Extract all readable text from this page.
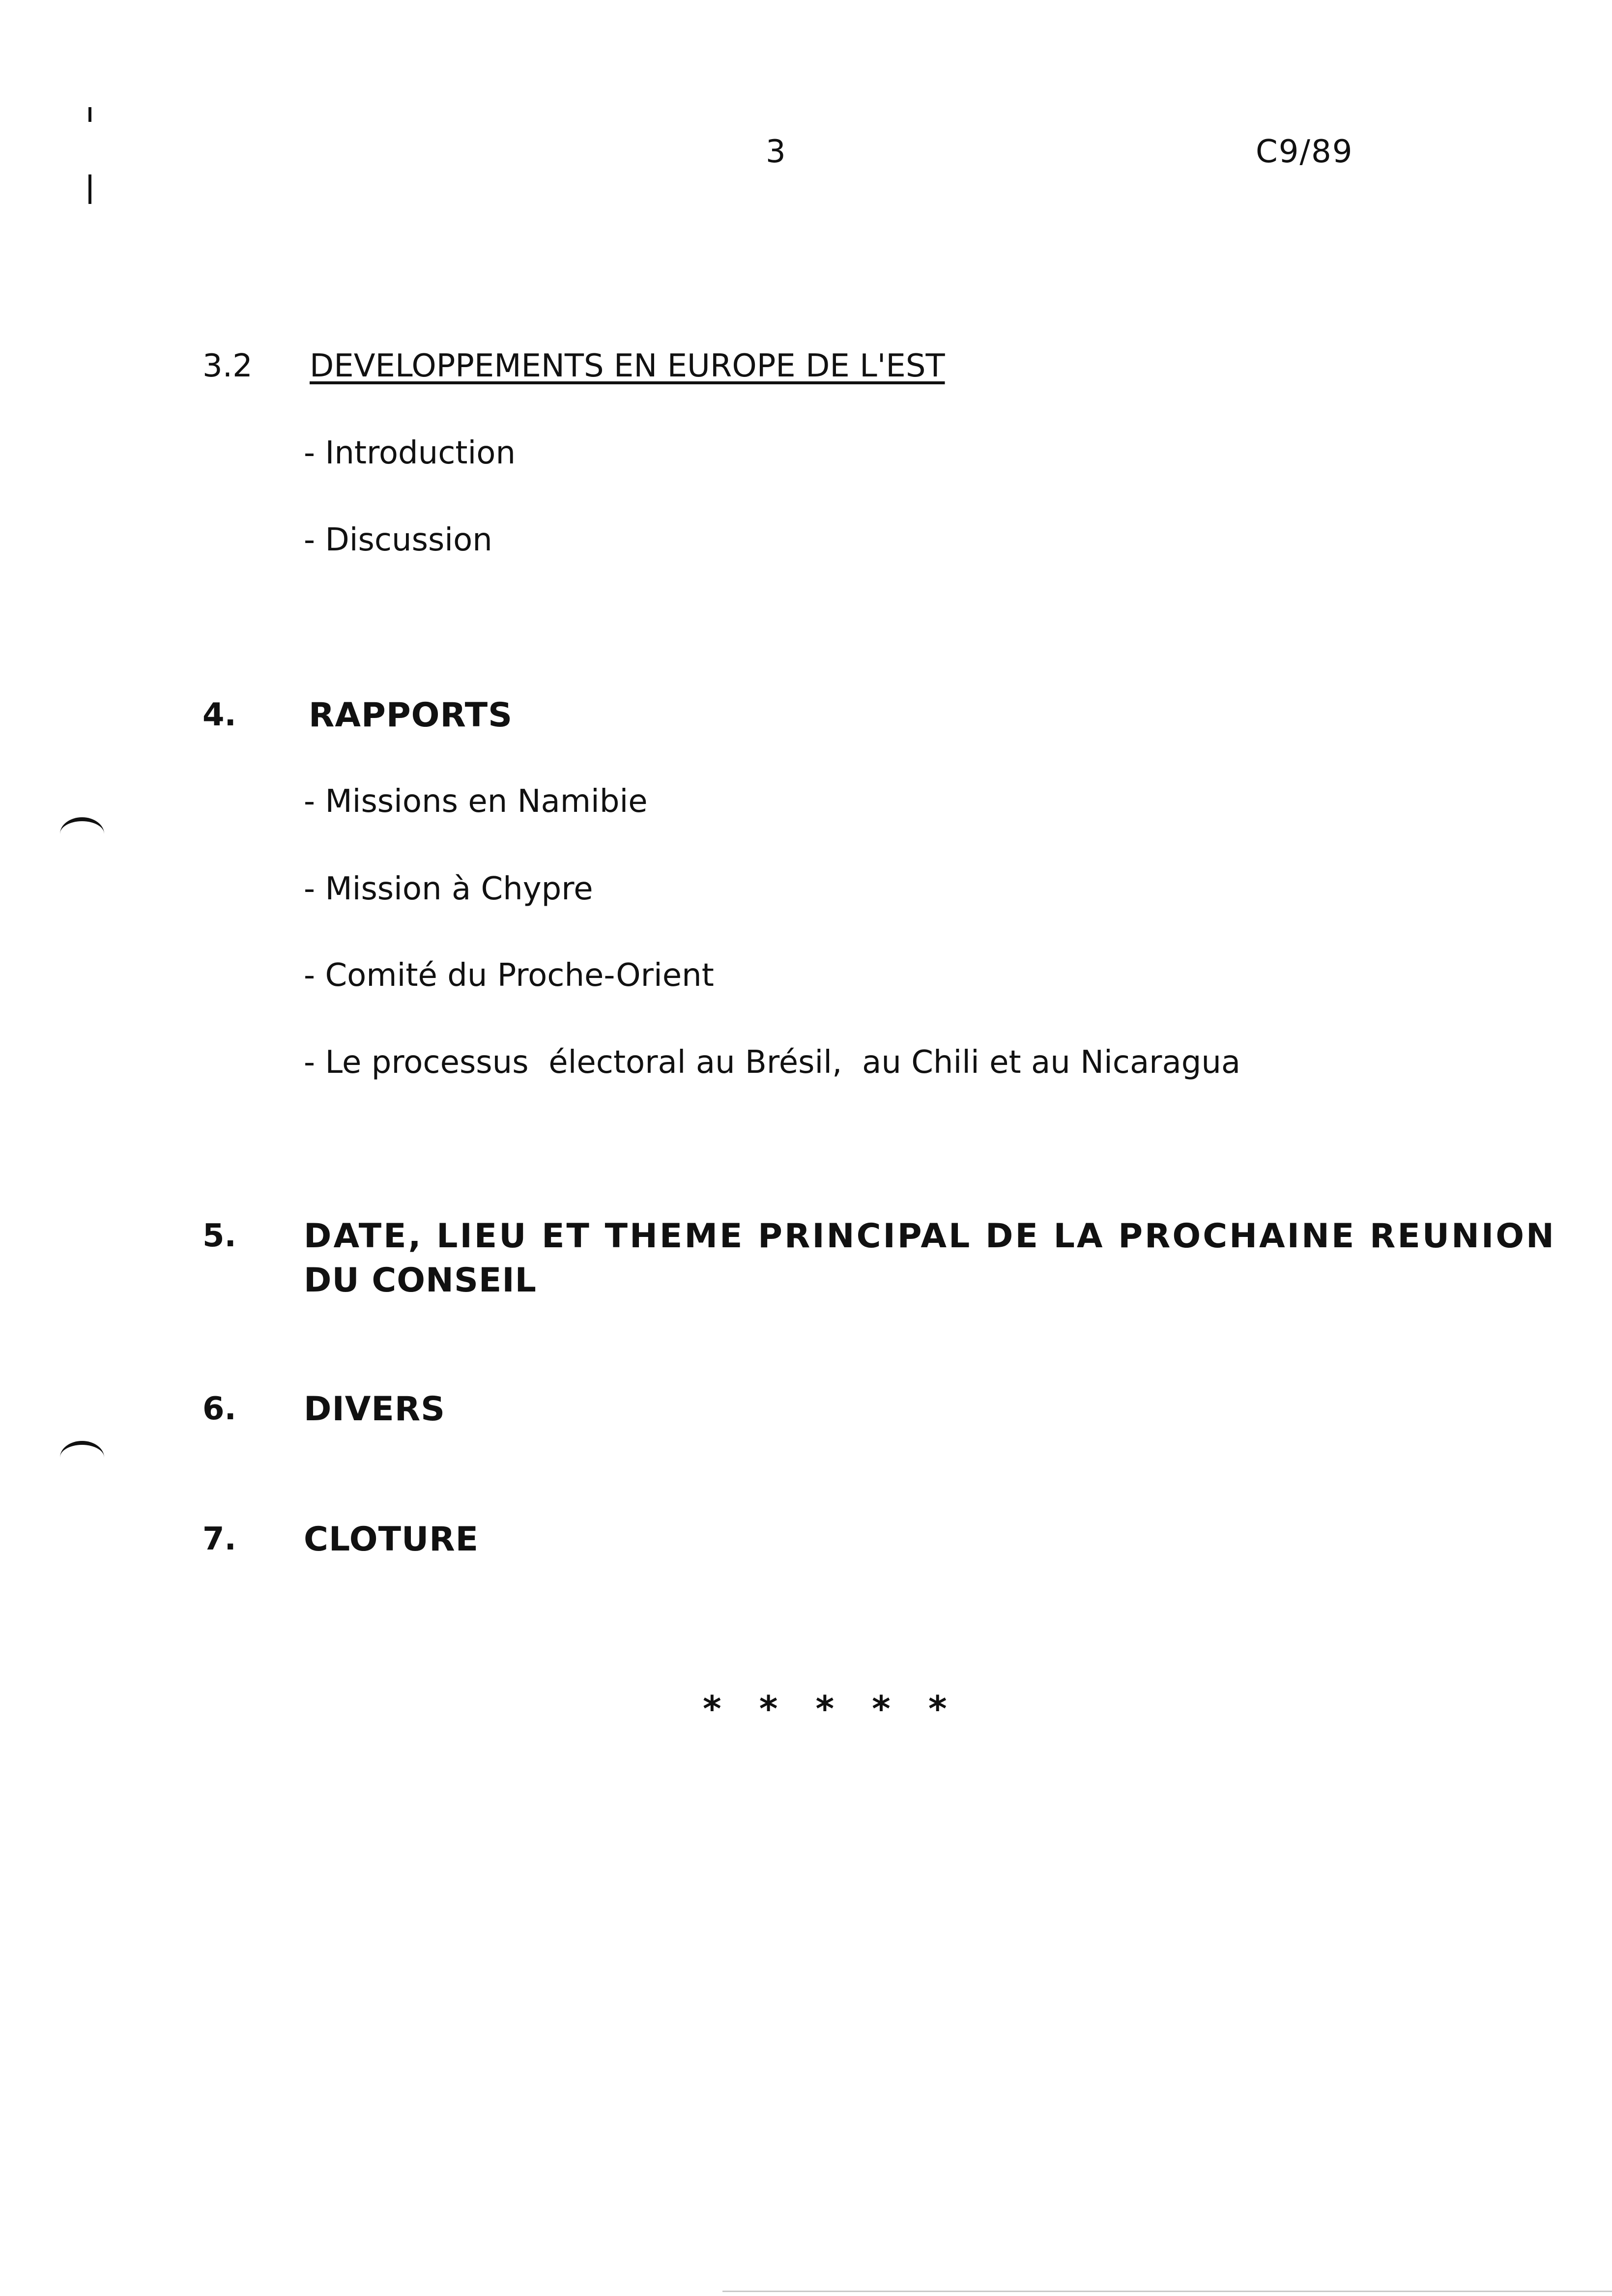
3	C9/89
3.2 DEVELOPPEMENTS EN EUROPE DE L'EST
- Introduction
- Discussion
4. RAPPORTS
- Missions en Namibie
- Mission à Chypre
- Comité du Proche-Orient
- Le processus  électoral au Brésil,  au Chili et au Nicaragua
5. DATE, LIEU ET THEME PRINCIPAL DE LA PROCHAINE REUNION
DU CONSEIL
6. DIVERS
7. CLOTURE
* * * * *
